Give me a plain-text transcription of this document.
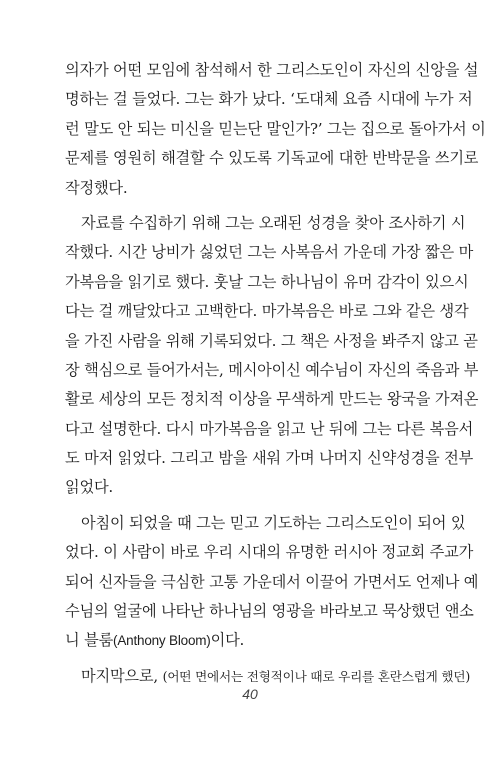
의자가 어떤 모임에 참석해서 한 그리스도인이 자신의 신앙을 설
명하는 걸 들었다. 그는 화가 났다. ‘도대체 요즘 시대에 누가 저
런 말도 안 되는 미신을 믿는단 말인가?’ 그는 집으로 돌아가서 이
문제를 영원히 해결할 수 있도록 기독교에 대한 반박문을 쓰기로
작정했다.
자료를 수집하기 위해 그는 오래된 성경을 찾아 조사하기 시
작했다. 시간 낭비가 싫었던 그는 사복음서 가운데 가장 짧은 마
가복음을 읽기로 했다. 훗날 그는 하나님이 유머 감각이 있으시
다는 걸 깨달았다고 고백한다. 마가복음은 바로 그와 같은 생각
을 가진 사람을 위해 기록되었다. 그 책은 사정을 봐주지 않고 곧
장 핵심으로 들어가서는, 메시아이신 예수님이 자신의 죽음과 부
활로 세상의 모든 정치적 이상을 무색하게 만드는 왕국을 가져온
다고 설명한다. 다시 마가복음을 읽고 난 뒤에 그는 다른 복음서
도 마저 읽었다. 그리고 밤을 새워 가며 나머지 신약성경을 전부
읽었다.
아침이 되었을 때 그는 믿고 기도하는 그리스도인이 되어 있
었다. 이 사람이 바로 우리 시대의 유명한 러시아 정교회 주교가
되어 신자들을 극심한 고통 가운데서 이끌어 가면서도 언제나 예
수님의 얼굴에 나타난 하나님의 영광을 바라보고 묵상했던 앤소
니 블룸(Anthony Bloom)이다.
마지막으로, (어떤 면에서는 전형적이나 때로 우리를 혼란스럽게 했던)
40
